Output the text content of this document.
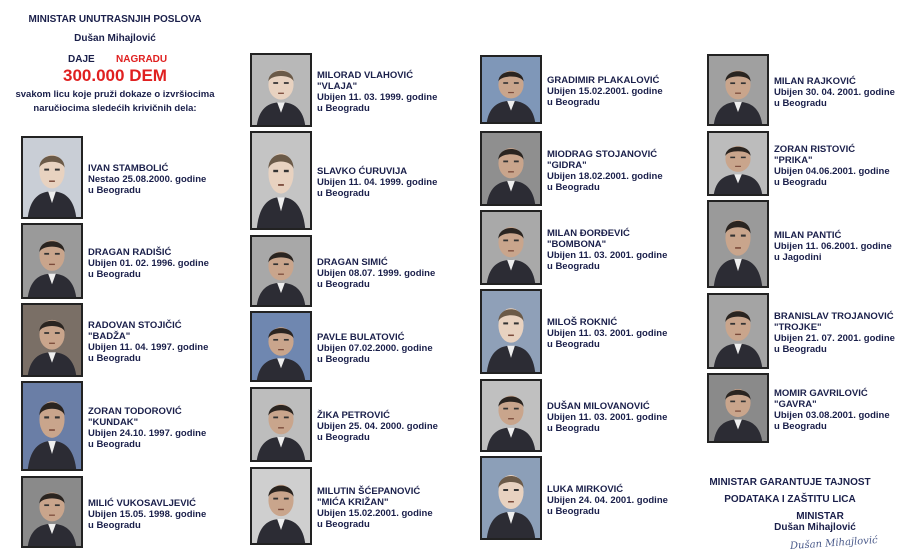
MINISTAR UNUTRASNJIH POSLOVA
Dušan Mihajlović
DAJE NAGRADU
300.000 DEM
svakom licu koje pruži dokaze o izvršiocima
naručiocima sledećih krivičnih dela:
IVAN STAMBOLIĆ
Nestao 25.08.2000. godine
u Beogradu
DRAGAN RADIŠIĆ
Ubijen 01. 02. 1996. godine
u Beogradu
RADOVAN STOJIČIĆ
"BADŽA"
Ubijen 11. 04. 1997. godine
u Beogradu
ZORAN TODOROVIĆ
"KUNDAK"
Ubijen 24.10. 1997. godine
u Beogradu
MILIĆ VUKOSAVLJEVIĆ
Ubijen 15.05. 1998. godine
u Beogradu
MILORAD VLAHOVIĆ
"VLAJA"
Ubijen 11. 03. 1999. godine
u Beogradu
SLAVKO ĆURUVIJA
Ubijen 11. 04. 1999. godine
u Beogradu
DRAGAN SIMIĆ
Ubijen 08.07. 1999. godine
u Beogradu
PAVLE BULATOVIĆ
Ubijen 07.02.2000. godine
u Beogradu
ŽIKA PETROVIĆ
Ubijen 25. 04. 2000. godine
u Beogradu
MILUTIN ŠĆEPANOVIĆ
"MIĆA KRIŽAN"
Ubijen 15.02.2001. godine
u Beogradu
GRADIMIR PLAKALOVIĆ
Ubijen 15.02.2001. godine
u Beogradu
MIODRAG STOJANOVIĆ
"GIDRA"
Ubijen 18.02.2001. godine
u Beogradu
MILAN ĐORĐEVIĆ
"BOMBONA"
Ubijen 11. 03. 2001. godine
u Beogradu
MILOŠ ROKNIĆ
Ubijen 11. 03. 2001. godine
u Beogradu
DUŠAN MILOVANOVIĆ
Ubijen 11. 03. 2001. godine
u Beogradu
LUKA MIRKOVIĆ
Ubijen 24. 04. 2001. godine
u Beogradu
MILAN RAJKOVIĆ
Ubijen 30. 04. 2001. godine
u Beogradu
ZORAN RISTOVIĆ
"PRIKA"
Ubijen 04.06.2001. godine
u Beogradu
MILAN PANTIĆ
Ubijen 11. 06.2001. godine
u Jagodini
BRANISLAV TROJANOVIĆ
"TROJKE"
Ubijen 21. 07. 2001. godine
u Beogradu
MOMIR GAVRILOVIĆ
"GAVRA"
Ubijen 03.08.2001. godine
u Beogradu
MINISTAR GARANTUJE TAJNOST
PODATAKA I ZAŠTITU LICA
MINISTAR
Dušan Mihajlović
Dušan Mihajlović
